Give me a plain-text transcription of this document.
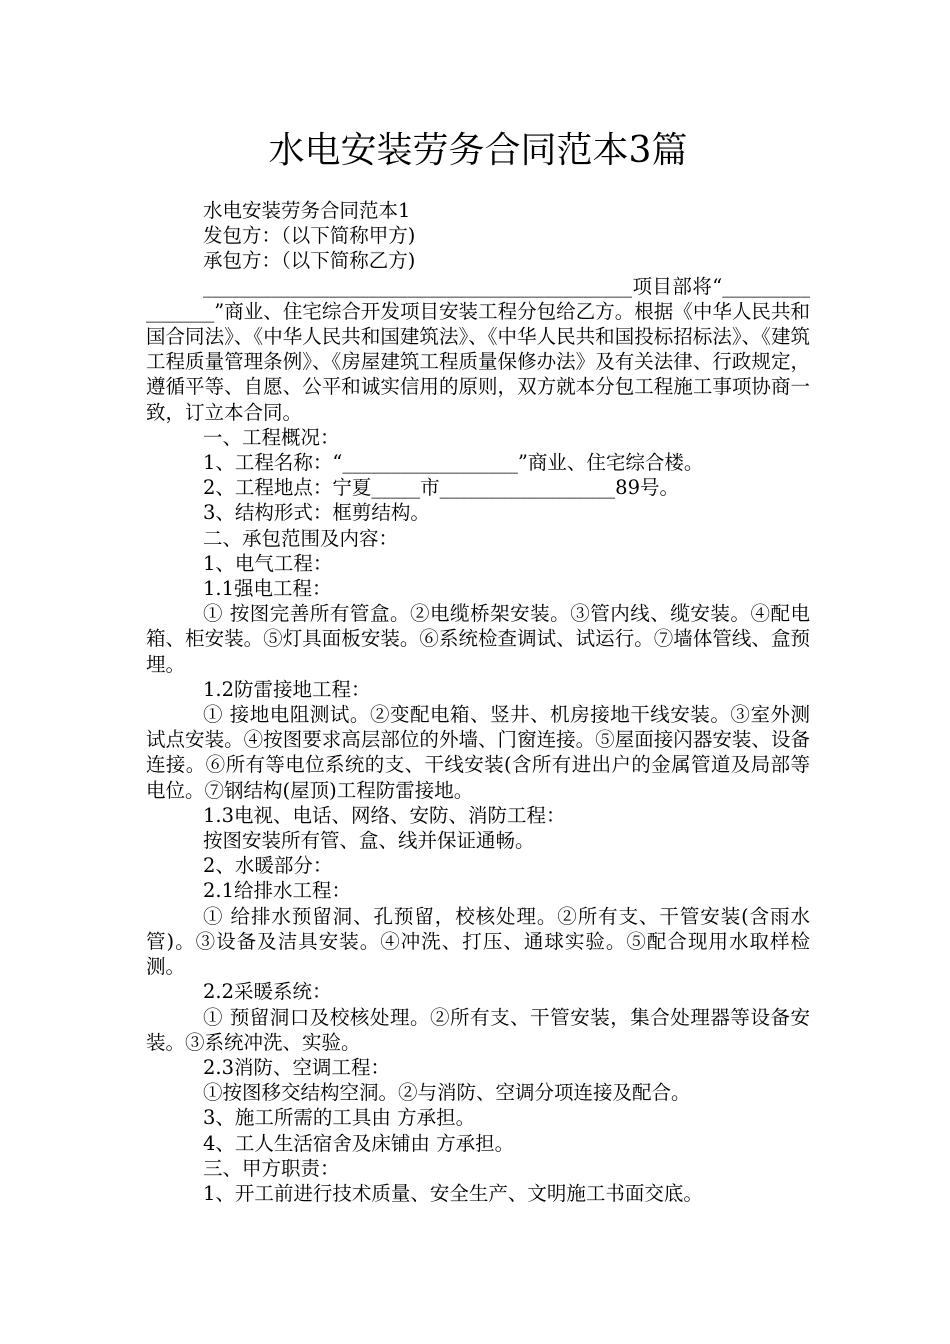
水电安装劳务合同范本3篇

水电安装劳务合同范本1

发包方：（以下简称甲方)

承包方：（以下简称乙方)

____________________________________________项目部将“________________”商业、住宅综合开发项目安装工程分包给乙方。根据《中华人民共和国合同法》、《中华人民共和国建筑法》、《中华人民共和国投标招标法》、《建筑工程质量管理条例》、《房屋建筑工程质量保修办法》及有关法律、行政规定，遵循平等、自愿、公平和诚实信用的原则，双方就本分包工程施工事项协商一致，订立本合同。

一、工程概况：

1、工程名称：“__________________”商业、住宅综合楼。

2、工程地点：宁夏_____市__________________89号。

3、结构形式：框剪结构。

二、承包范围及内容：

1、电气工程：

1.1强电工程：

① 按图完善所有管盒。②电缆桥架安装。③管内线、缆安装。④配电箱、柜安装。⑤灯具面板安装。⑥系统检查调试、试运行。⑦墙体管线、盒预埋。

1.2防雷接地工程：

① 接地电阻测试。②变配电箱、竖井、机房接地干线安装。③室外测试点安装。④按图要求高层部位的外墙、门窗连接。⑤屋面接闪器安装、设备连接。⑥所有等电位系统的支、干线安装(含所有进出户的金属管道及局部等电位。⑦钢结构(屋顶)工程防雷接地。

1.3电视、电话、网络、安防、消防工程：

按图安装所有管、盒、线并保证通畅。

2、水暖部分：

2.1给排水工程：

① 给排水预留洞、孔预留，校核处理。②所有支、干管安装(含雨水管)。③设备及洁具安装。④冲洗、打压、通球实验。⑤配合现用水取样检测。

2.2采暖系统：

① 预留洞口及校核处理。②所有支、干管安装，集合处理器等设备安装。③系统冲洗、实验。

2.3消防、空调工程：

①按图移交结构空洞。②与消防、空调分项连接及配合。

3、施工所需的工具由 方承担。

4、工人生活宿舍及床铺由 方承担。

三、甲方职责：

1、开工前进行技术质量、安全生产、文明施工书面交底。
